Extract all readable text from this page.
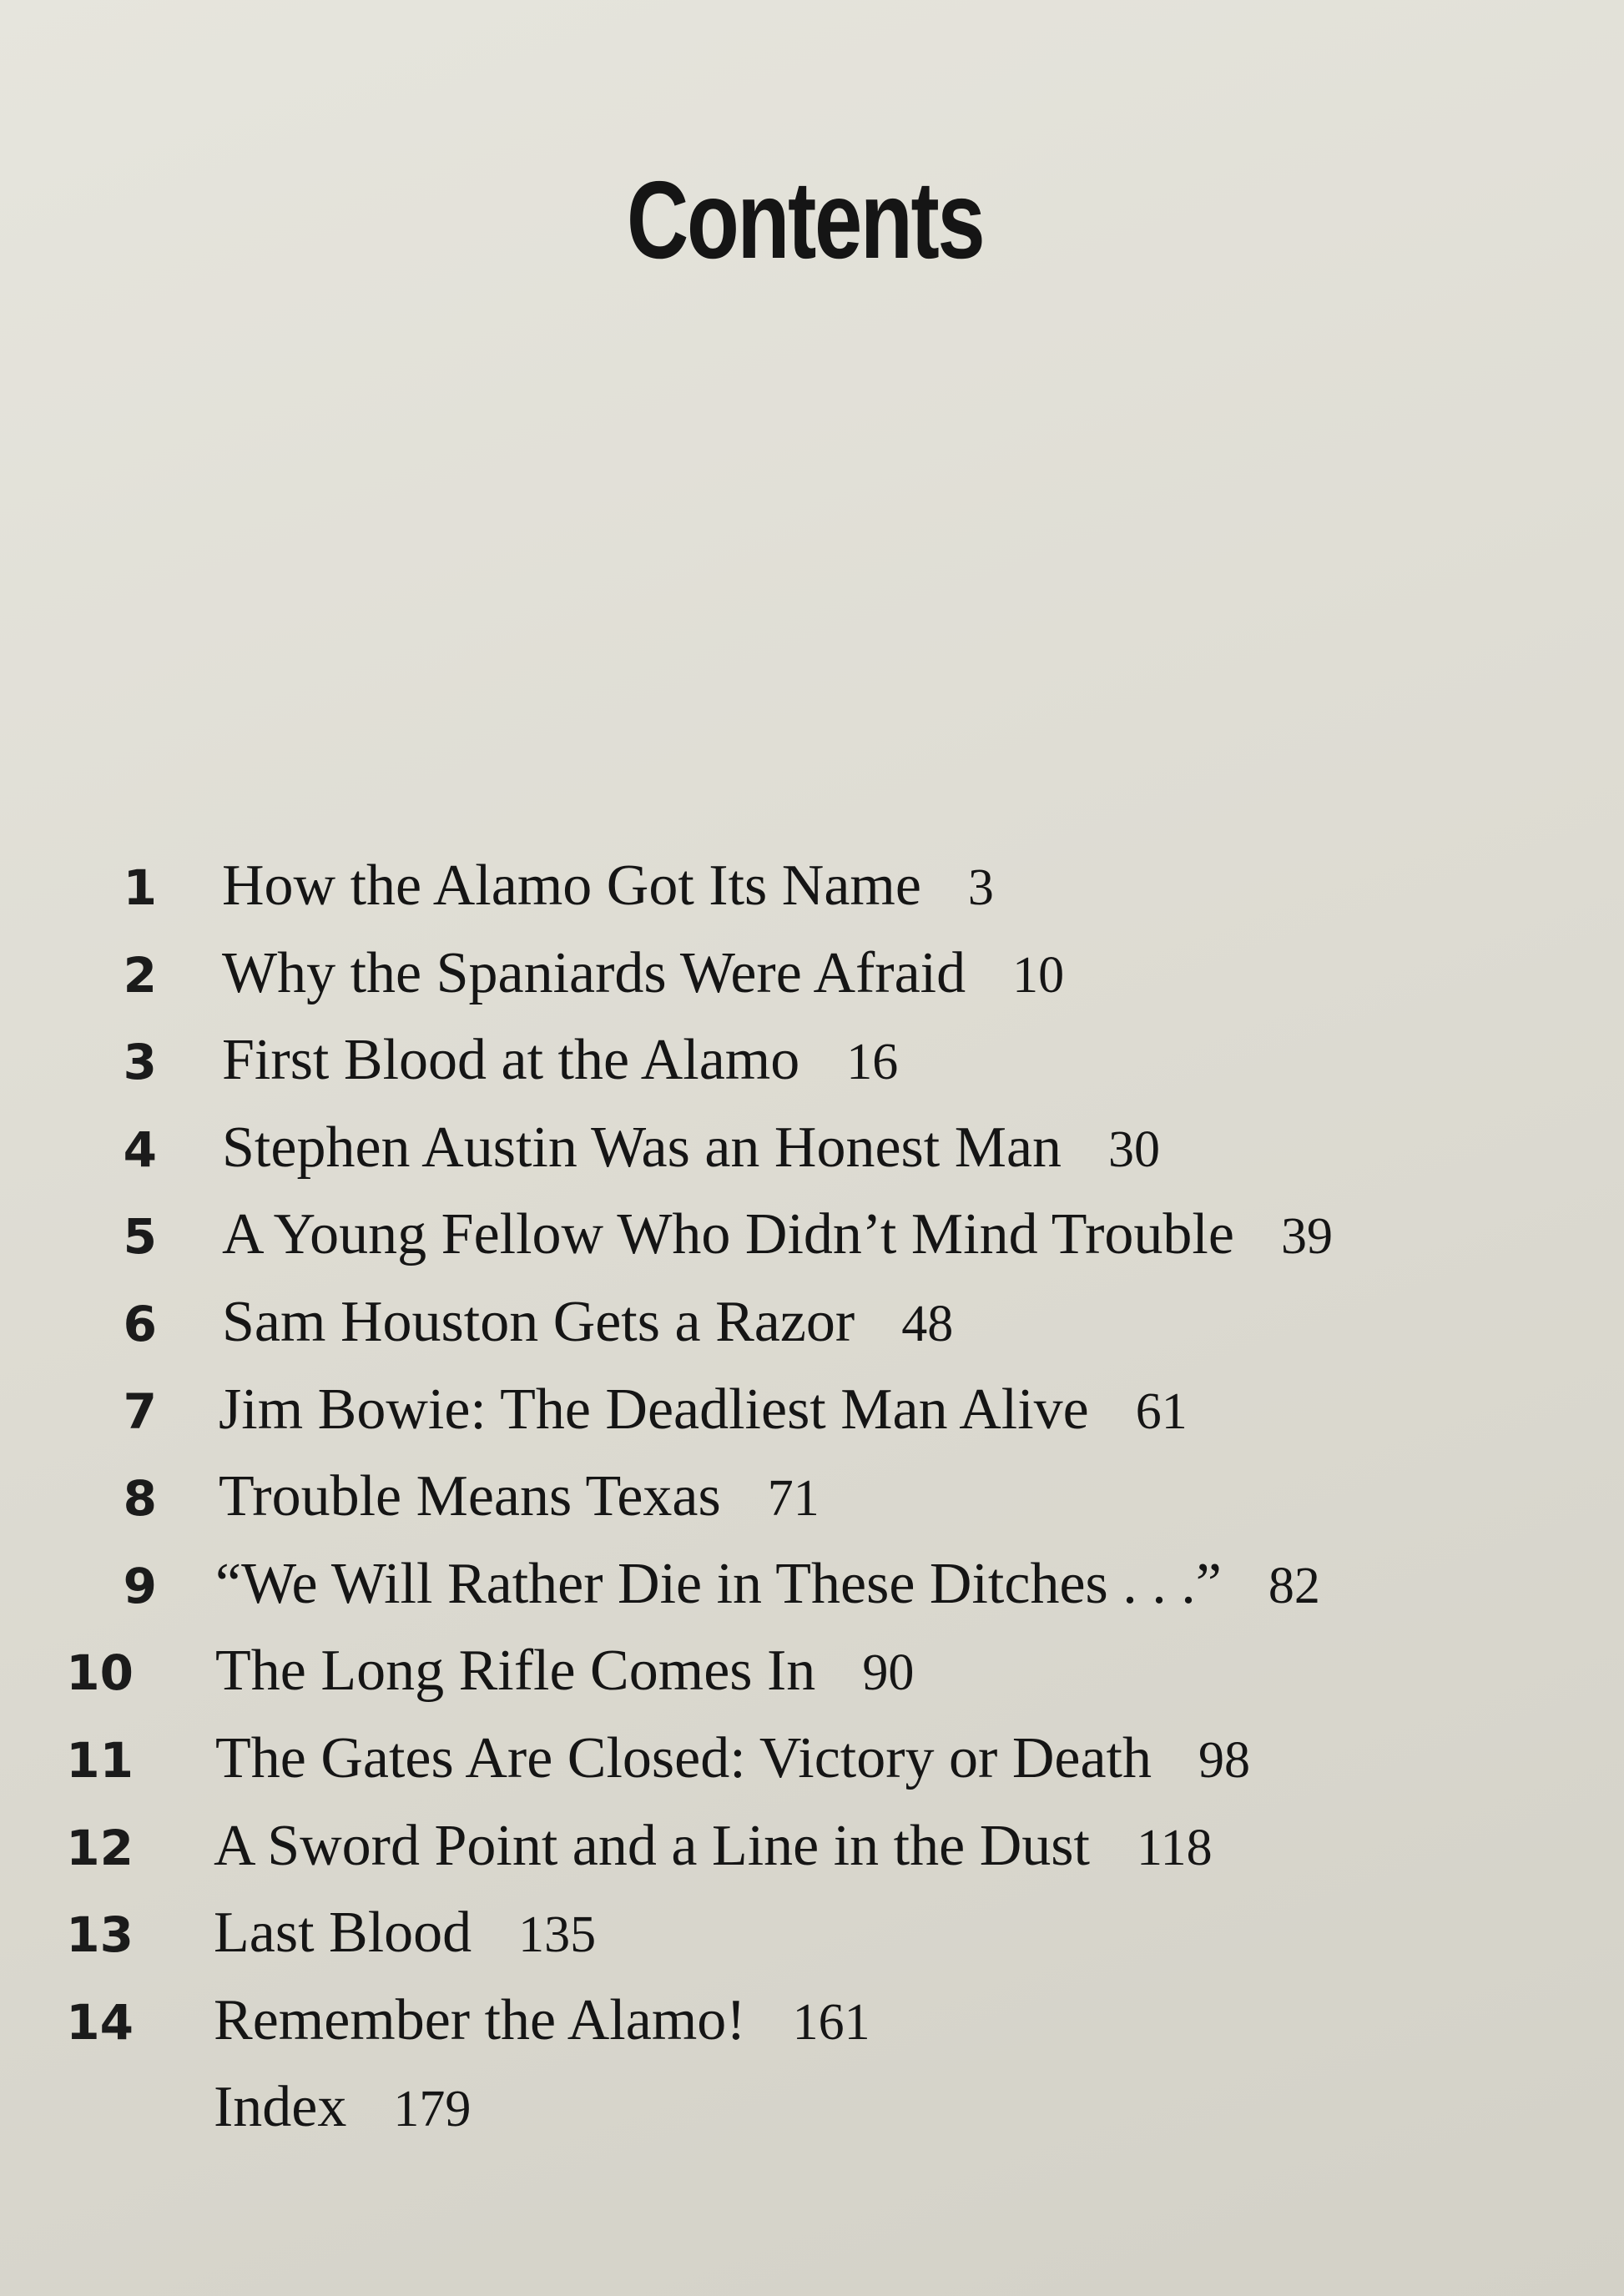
Contents
1 How the Alamo Got Its Name 3
2 Why the Spaniards Were Afraid 10
3 First Blood at the Alamo 16
4 Stephen Austin Was an Honest Man 30
5 A Young Fellow Who Didn’t Mind Trouble 39
6 Sam Houston Gets a Razor 48
7 Jim Bowie: The Deadliest Man Alive 61
8 Trouble Means Texas 71
9 “We Will Rather Die in These Ditches . . .” 82
10 The Long Rifle Comes In 90
11 The Gates Are Closed: Victory or Death 98
12 A Sword Point and a Line in the Dust 118
13 Last Blood 135
14 Remember the Alamo! 161
Index 179
